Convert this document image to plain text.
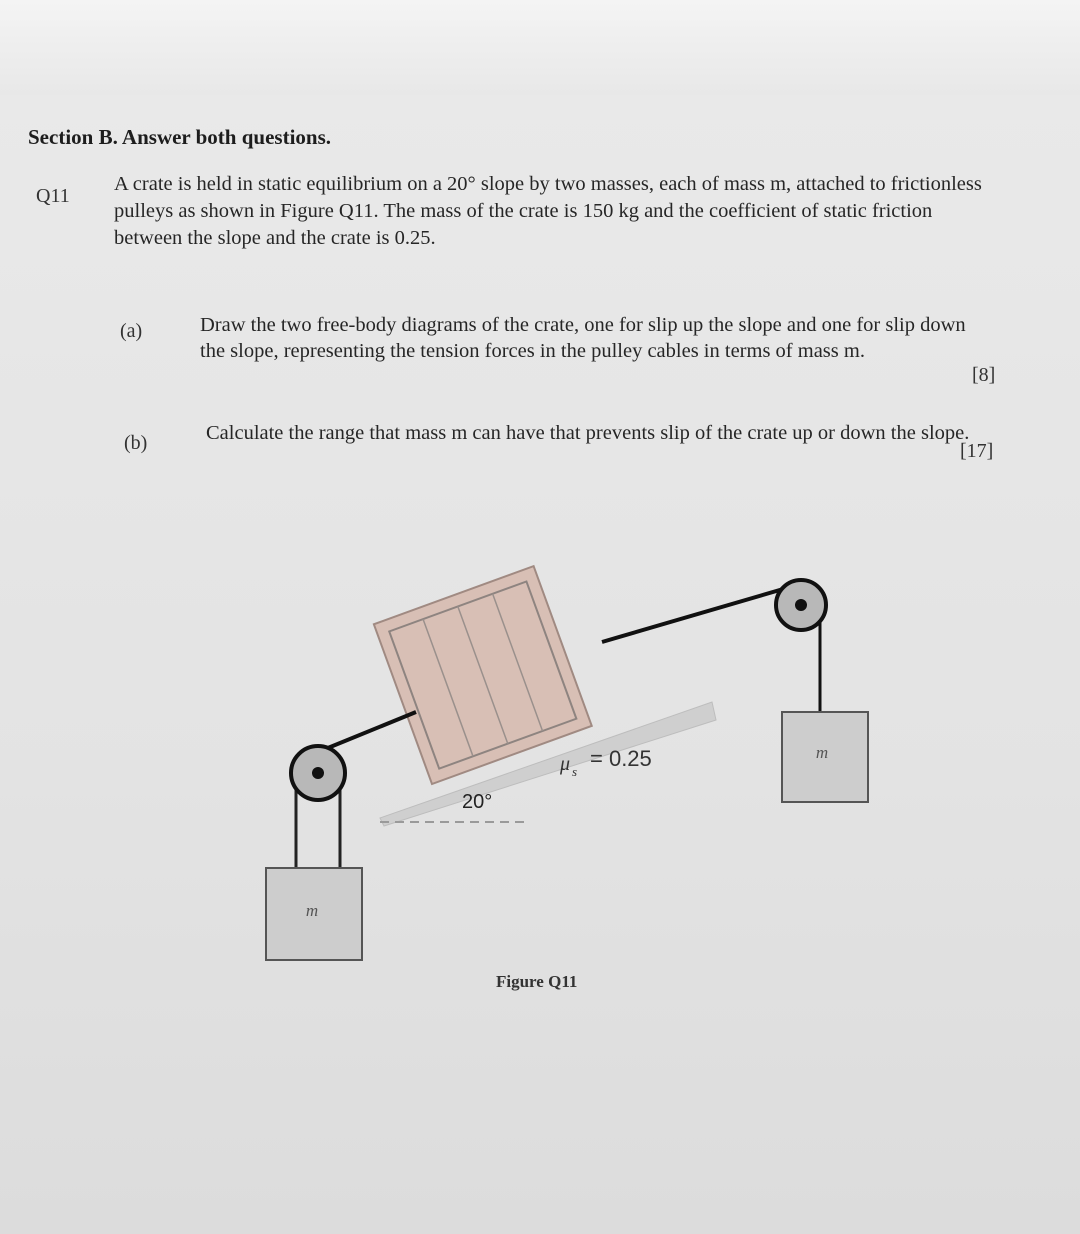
Section B. Answer both questions.
Q11
A crate is held in static equilibrium on a 20° slope by two masses, each of mass m, attached to frictionless pulleys as shown in Figure Q11. The mass of the crate is 150 kg and the coefficient of static friction between the slope and the crate is 0.25.
(a)	Draw the two free-body diagrams of the crate, one for slip up the slope and one for slip down the slope, representing the tension forces in the pulley cables in terms of mass m.
[8]
(b)	Calculate the range that mass m can have that prevents slip of the crate up or down the slope.
[17]
m
m
20°
μ s
= 0.25
Figure Q11
